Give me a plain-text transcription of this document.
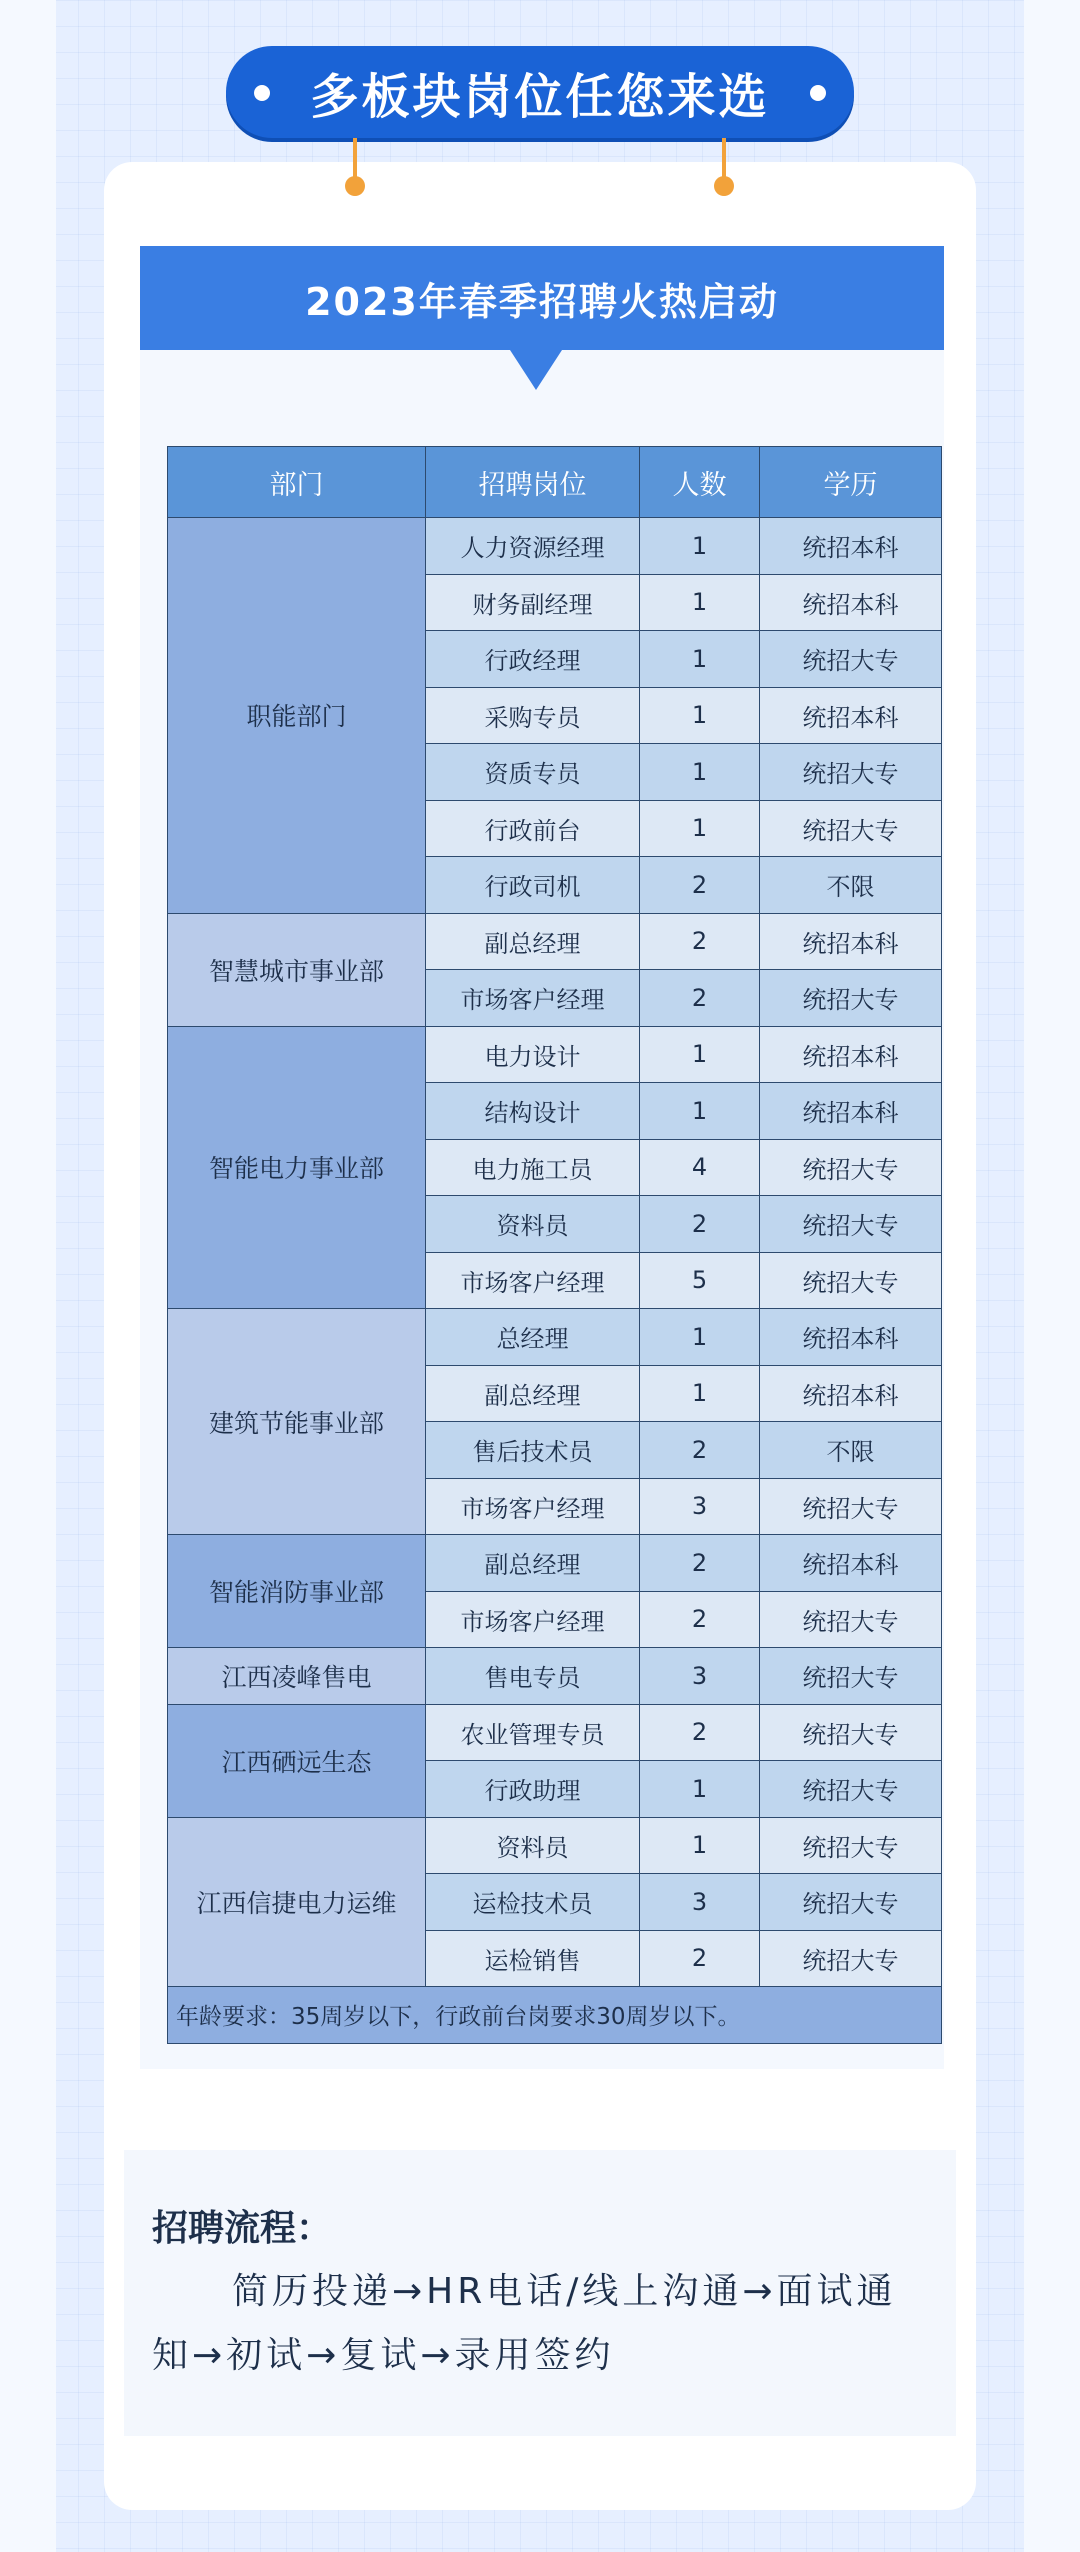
多板块岗位任您来选
2023年春季招聘火热启动
部门	招聘岗位	人数	学历
职能部门	人力资源经理	1	统招本科
	财务副经理	1	统招本科
	行政经理	1	统招大专
	采购专员	1	统招本科
	资质专员	1	统招大专
	行政前台	1	统招大专
	行政司机	2	不限
智慧城市事业部	副总经理	2	统招本科
	市场客户经理	2	统招大专
智能电力事业部	电力设计	1	统招本科
	结构设计	1	统招本科
	电力施工员	4	统招大专
	资料员	2	统招大专
	市场客户经理	5	统招大专
建筑节能事业部	总经理	1	统招本科
	副总经理	1	统招本科
	售后技术员	2	不限
	市场客户经理	3	统招大专
智能消防事业部	副总经理	2	统招本科
	市场客户经理	2	统招大专
江西凌峰售电	售电专员	3	统招大专
江西硒远生态	农业管理专员	2	统招大专
	行政助理	1	统招大专
江西信捷电力运维	资料员	1	统招大专
	运检技术员	3	统招大专
	运检销售	2	统招大专
年龄要求：35周岁以下，行政前台岗要求30周岁以下。			
招聘流程：
简历投递→HR电话/线上沟通→面试通知→初试→复试→录用签约
